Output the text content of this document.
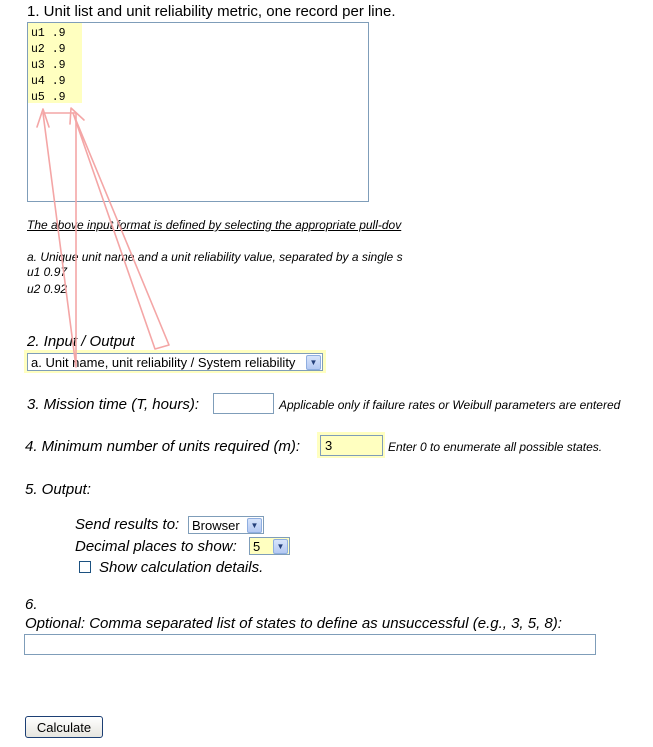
1. Unit list and unit reliability metric, one record per line.
u1 .9
u2 .9
u3 .9
u4 .9
u5 .9
The above input format is defined by selecting the appropriate pull-dov
a. Unique unit name and a unit reliability value, separated by a single s
u1 0.97
u2 0.92
2. Input / Output
a. Unit name, unit reliability / System reliability	▼
3. Mission time (T, hours):	Applicable only if failure rates or Weibull parameters are entered
4. Minimum number of units required (m):	3	Enter 0 to enumerate all possible states.
5. Output:
Send results to: Browser	▼
Decimal places to show: 5	▼
Show calculation details.
6.
Optional: Comma separated list of states to define as unsuccessful (e.g., 3, 5, 8):
Calculate
